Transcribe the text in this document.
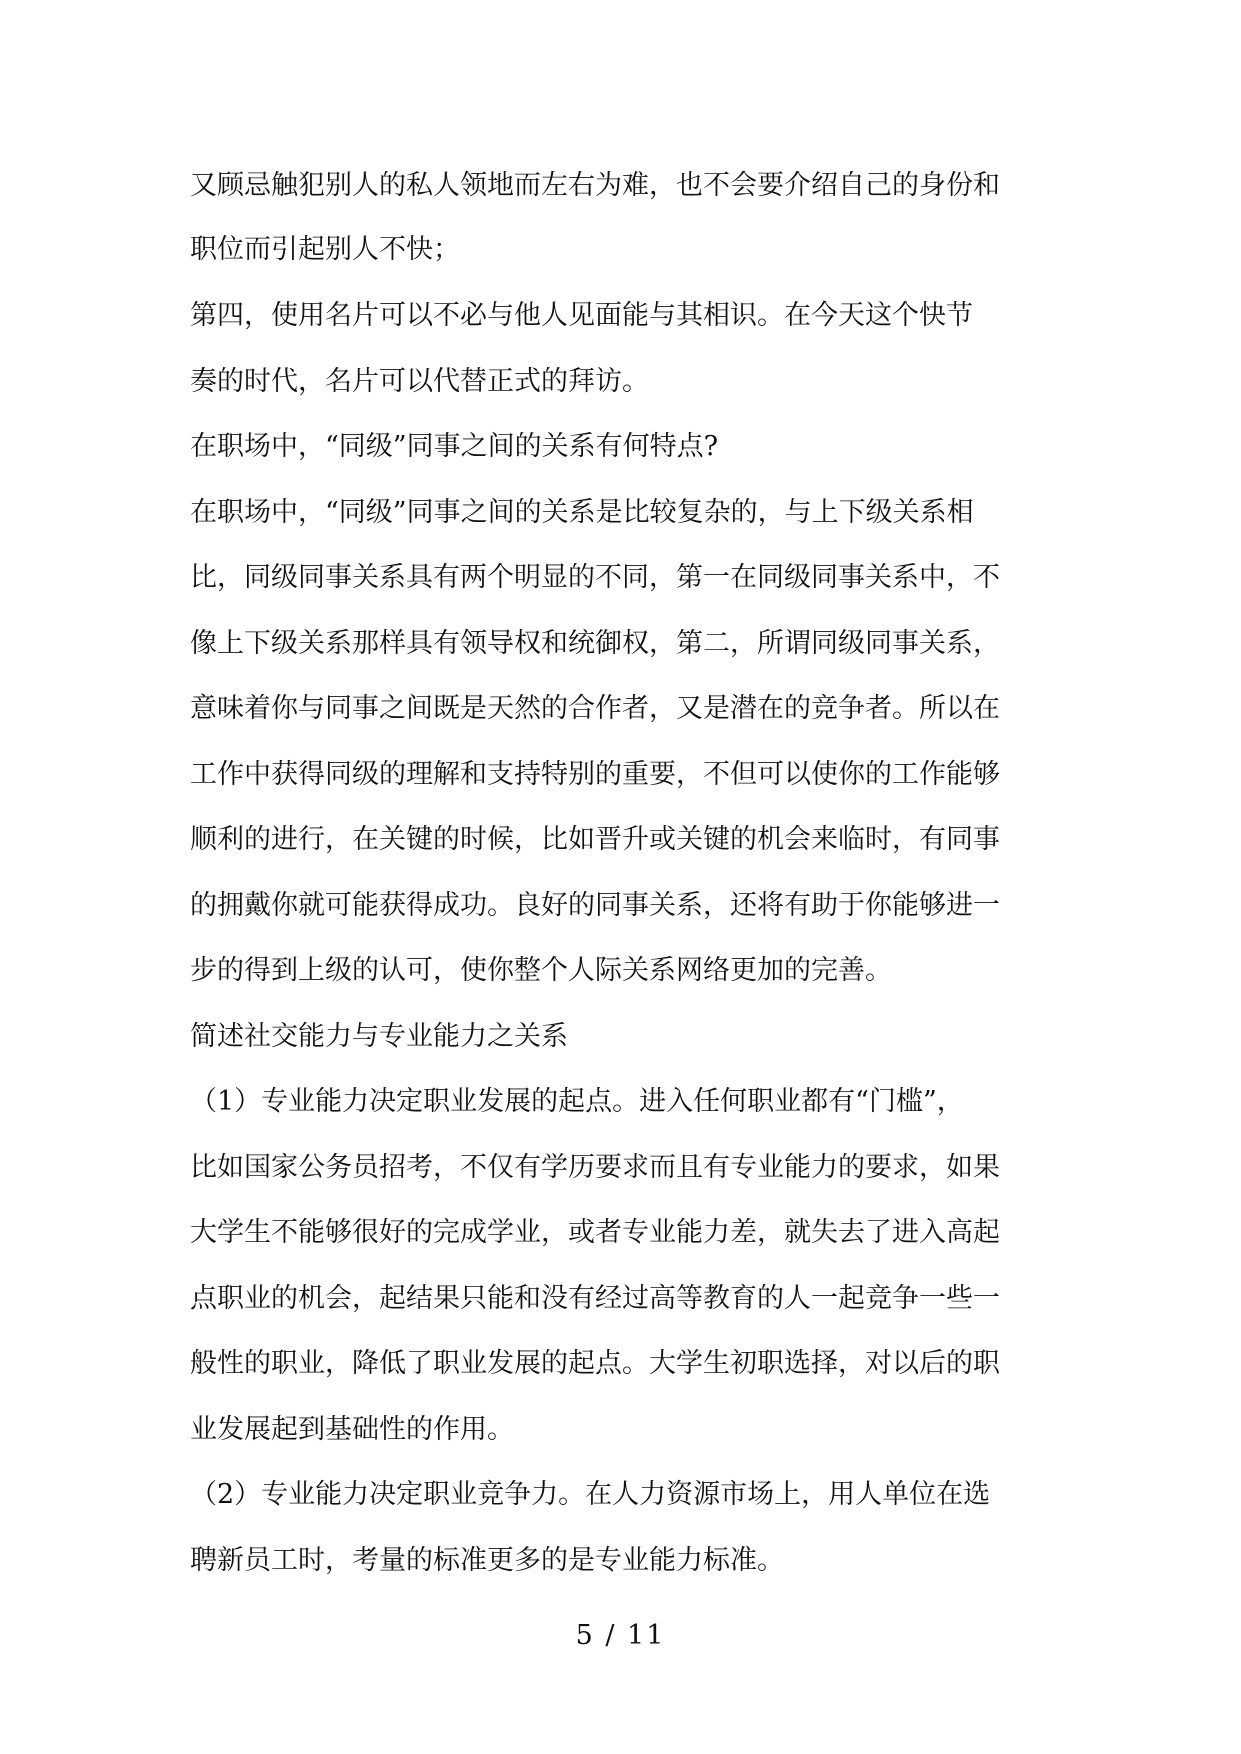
又顾忌触犯别人的私人领地而左右为难，也不会要介绍自己的身份和
职位而引起别人不快；
第四，使用名片可以不必与他人见面能与其相识。在今天这个快节
奏的时代，名片可以代替正式的拜访。
在职场中，“同级”同事之间的关系有何特点?
在职场中，“同级”同事之间的关系是比较复杂的，与上下级关系相
比，同级同事关系具有两个明显的不同，第一在同级同事关系中，不
像上下级关系那样具有领导权和统御权，第二，所谓同级同事关系，
意味着你与同事之间既是天然的合作者，又是潜在的竞争者。所以在
工作中获得同级的理解和支持特别的重要，不但可以使你的工作能够
顺利的进行，在关键的时候，比如晋升或关键的机会来临时，有同事
的拥戴你就可能获得成功。良好的同事关系，还将有助于你能够进一
步的得到上级的认可，使你整个人际关系网络更加的完善。
简述社交能力与专业能力之关系
（1）专业能力决定职业发展的起点。进入任何职业都有“门槛”，
比如国家公务员招考，不仅有学历要求而且有专业能力的要求，如果
大学生不能够很好的完成学业，或者专业能力差，就失去了进入高起
点职业的机会，起结果只能和没有经过高等教育的人一起竞争一些一
般性的职业，降低了职业发展的起点。大学生初职选择，对以后的职
业发展起到基础性的作用。
（2）专业能力决定职业竞争力。在人力资源市场上，用人单位在选
聘新员工时，考量的标准更多的是专业能力标准。
5 / 11
